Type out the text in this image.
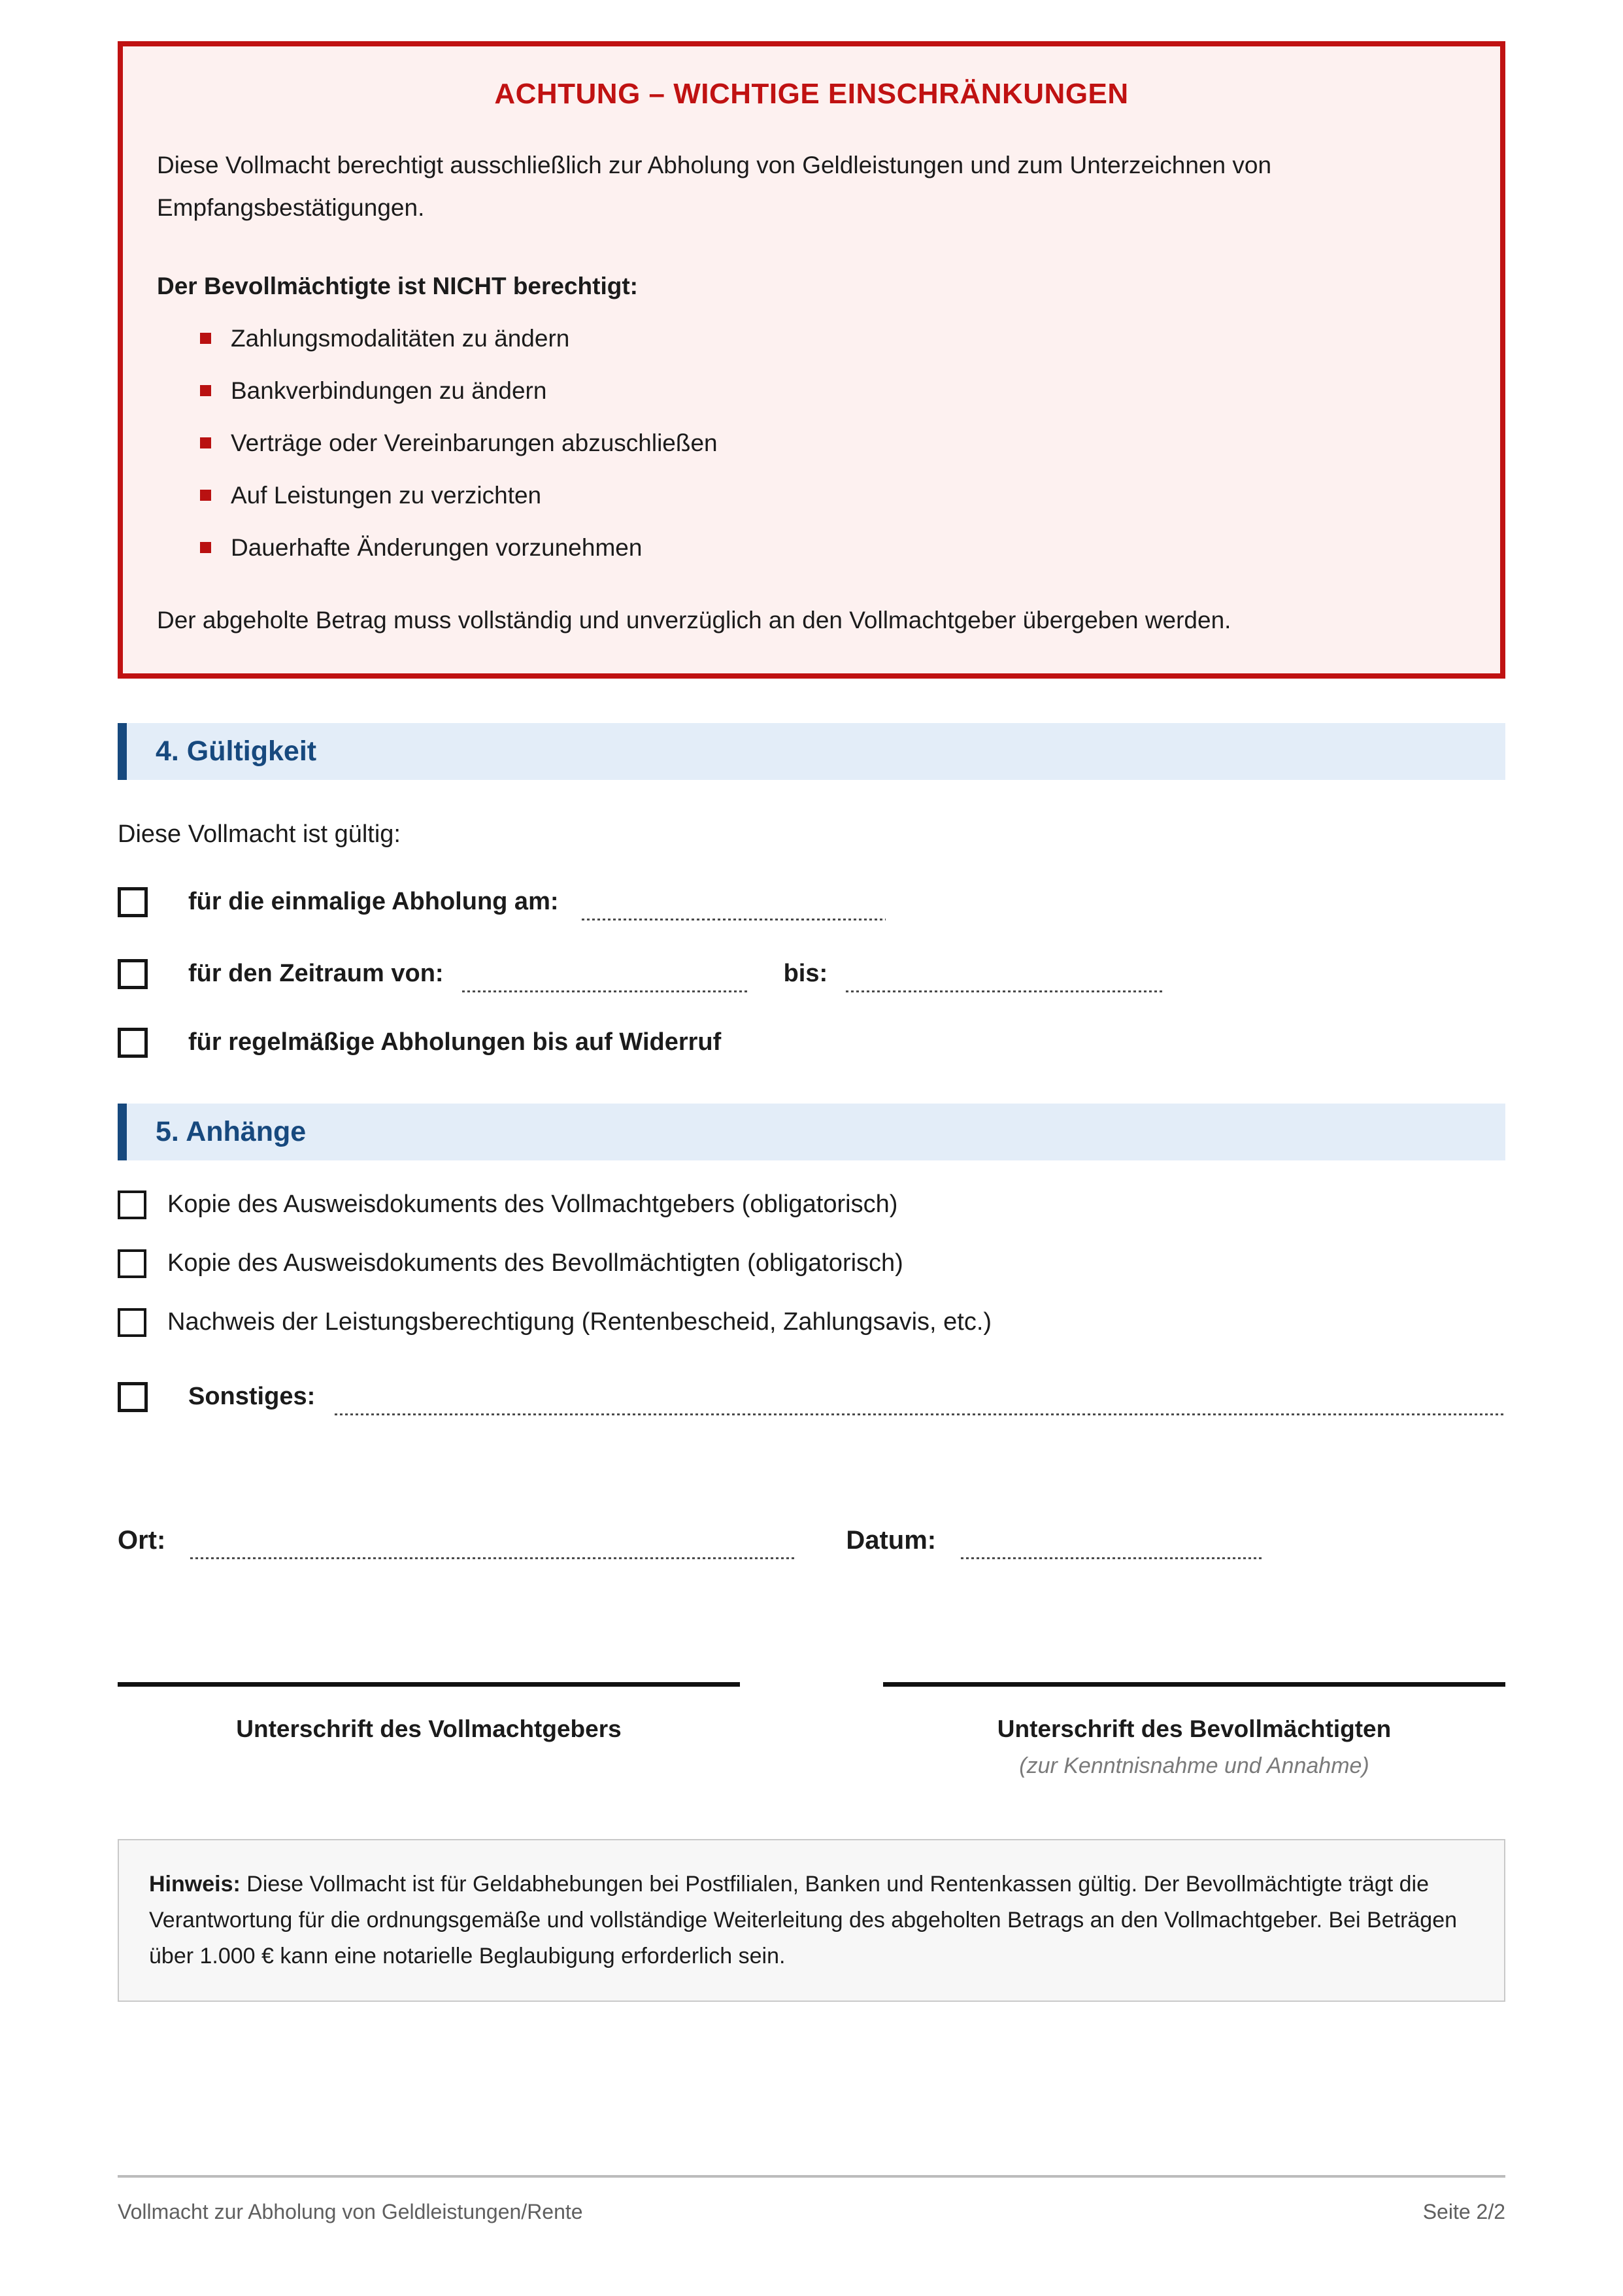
ACHTUNG – WICHTIGE EINSCHRÄNKUNGEN

Diese Vollmacht berechtigt ausschließlich zur Abholung von Geldleistungen und zum Unterzeichnen von Empfangsbestätigungen.

Der Bevollmächtigte ist NICHT berechtigt:

Zahlungsmodalitäten zu ändern
Bankverbindungen zu ändern
Verträge oder Vereinbarungen abzuschließen
Auf Leistungen zu verzichten
Dauerhafte Änderungen vorzunehmen

Der abgeholte Betrag muss vollständig und unverzüglich an den Vollmachtgeber übergeben werden.

4. Gültigkeit

Diese Vollmacht ist gültig:

für die einmalige Abholung am:
für den Zeitraum von:	bis:
für regelmäßige Abholungen bis auf Widerruf
5. Anhänge
Kopie des Ausweisdokuments des Vollmachtgebers (obligatorisch)
Kopie des Ausweisdokuments des Bevollmächtigten (obligatorisch)
Nachweis der Leistungsberechtigung (Rentenbescheid, Zahlungsavis, etc.)
Sonstiges:
Ort:	Datum:
Unterschrift des Vollmachtgebers	Unterschrift des Bevollmächtigten
(zur Kenntnisnahme und Annahme)
Hinweis: Diese Vollmacht ist für Geldabhebungen bei Postfilialen, Banken und Rentenkassen gültig. Der Bevollmächtigte trägt die Verantwortung für die ordnungsgemäße und vollständige Weiterleitung des abgeholten Betrags an den Vollmachtgeber. Bei Beträgen über 1.000 € kann eine notarielle Beglaubigung erforderlich sein.
Vollmacht zur Abholung von Geldleistungen/Rente	Seite 2/2
